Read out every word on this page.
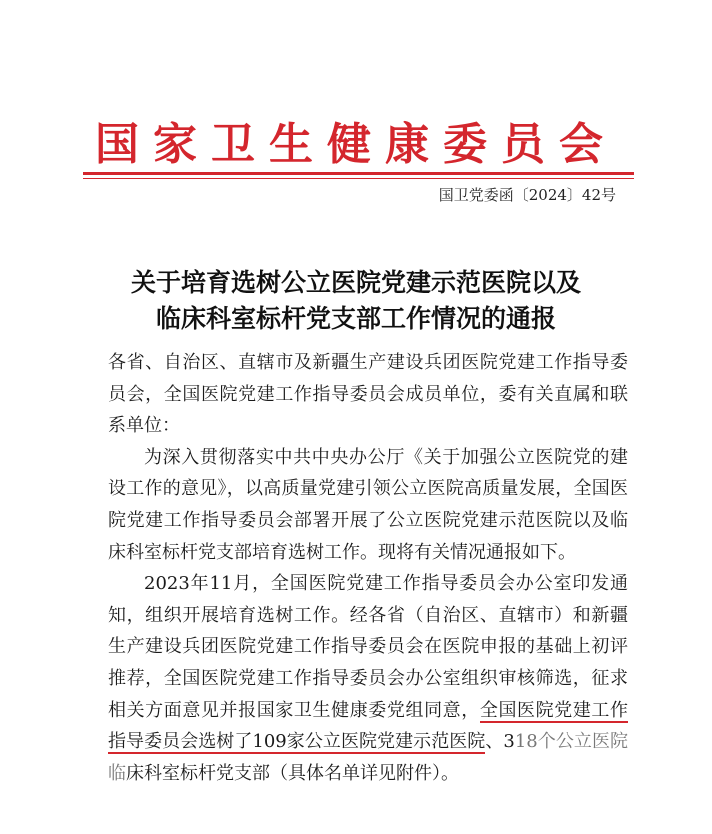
国家卫生健康委员会
国卫党委函〔2024〕42号
关于培育选树公立医院党建示范医院以及
临床科室标杆党支部工作情况的通报

各省、自治区、直辖市及新疆生产建设兵团医院党建工作指导委员会，全国医院党建工作指导委员会成员单位，委有关直属和联系单位：

为深入贯彻落实中共中央办公厅《关于加强公立医院党的建设工作的意见》，以高质量党建引领公立医院高质量发展，全国医院党建工作指导委员会部署开展了公立医院党建示范医院以及临床科室标杆党支部培育选树工作。现将有关情况通报如下。

2023年11月，全国医院党建工作指导委员会办公室印发通知，组织开展培育选树工作。经各省（自治区、直辖市）和新疆生产建设兵团医院党建工作指导委员会在医院申报的基础上初评推荐，全国医院党建工作指导委员会办公室组织审核筛选，征求相关方面意见并报国家卫生健康委党组同意，全国医院党建工作指导委员会选树了109家公立医院党建示范医院、318个公立医院临床科室标杆党支部（具体名单详见附件）。
